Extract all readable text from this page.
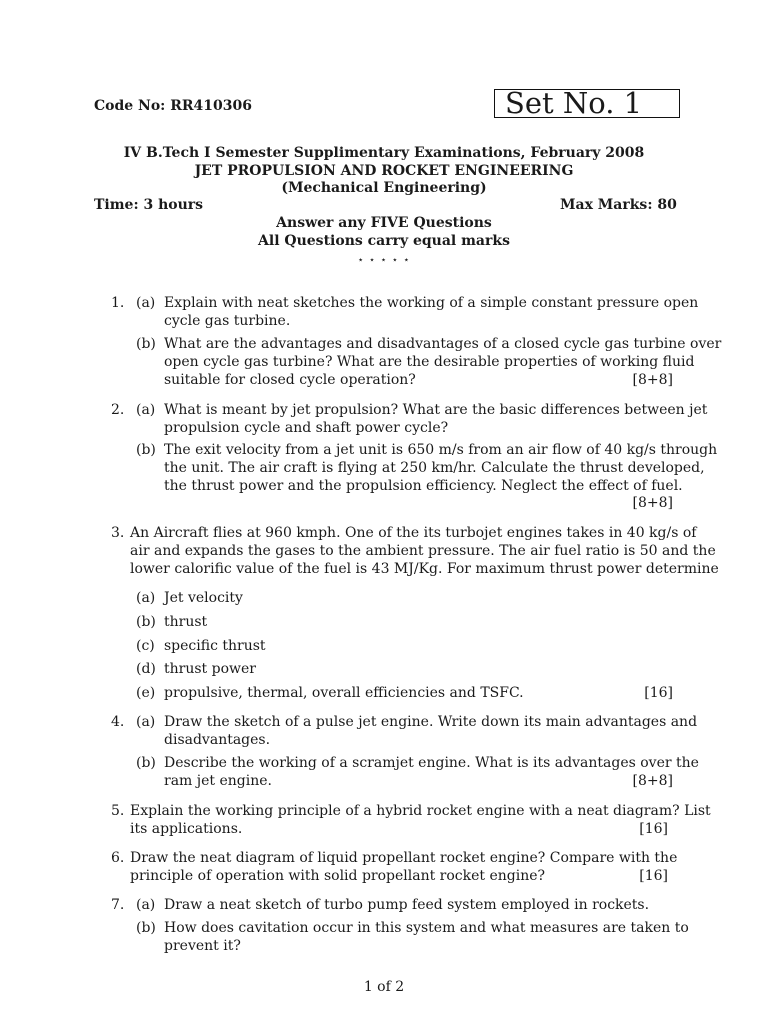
Code No: RR410306	Set No. 1
IV B.Tech I Semester Supplimentary Examinations, February 2008
JET PROPULSION AND ROCKET ENGINEERING
(Mechanical Engineering)
Time: 3 hours	Max Marks: 80
Answer any FIVE Questions
All Questions carry equal marks
⋆ ⋆ ⋆ ⋆ ⋆
1. (a) Explain with neat sketches the working of a simple constant pressure open
cycle gas turbine.
(b) What are the advantages and disadvantages of a closed cycle gas turbine over
open cycle gas turbine? What are the desirable properties of working fluid
suitable for closed cycle operation?	[8+8]
2. (a) What is meant by jet propulsion? What are the basic differences between jet
propulsion cycle and shaft power cycle?
(b) The exit velocity from a jet unit is 650 m/s from an air flow of 40 kg/s through
the unit. The air craft is flying at 250 km/hr. Calculate the thrust developed,
the thrust power and the propulsion efficiency. Neglect the effect of fuel.
[8+8]
3. An Aircraft flies at 960 kmph. One of the its turbojet engines takes in 40 kg/s of
air and expands the gases to the ambient pressure. The air fuel ratio is 50 and the
lower calorific value of the fuel is 43 MJ/Kg. For maximum thrust power determine
(a) Jet velocity
(b) thrust
(c) specific thrust
(d) thrust power
(e) propulsive, thermal, overall efficiencies and TSFC.	[16]
4. (a) Draw the sketch of a pulse jet engine. Write down its main advantages and
disadvantages.
(b) Describe the working of a scramjet engine. What is its advantages over the
ram jet engine.	[8+8]
5. Explain the working principle of a hybrid rocket engine with a neat diagram? List
its applications.	[16]
6. Draw the neat diagram of liquid propellant rocket engine? Compare with the
principle of operation with solid propellant rocket engine?	[16]
7. (a) Draw a neat sketch of turbo pump feed system employed in rockets.
(b) How does cavitation occur in this system and what measures are taken to
prevent it?
1 of 2
